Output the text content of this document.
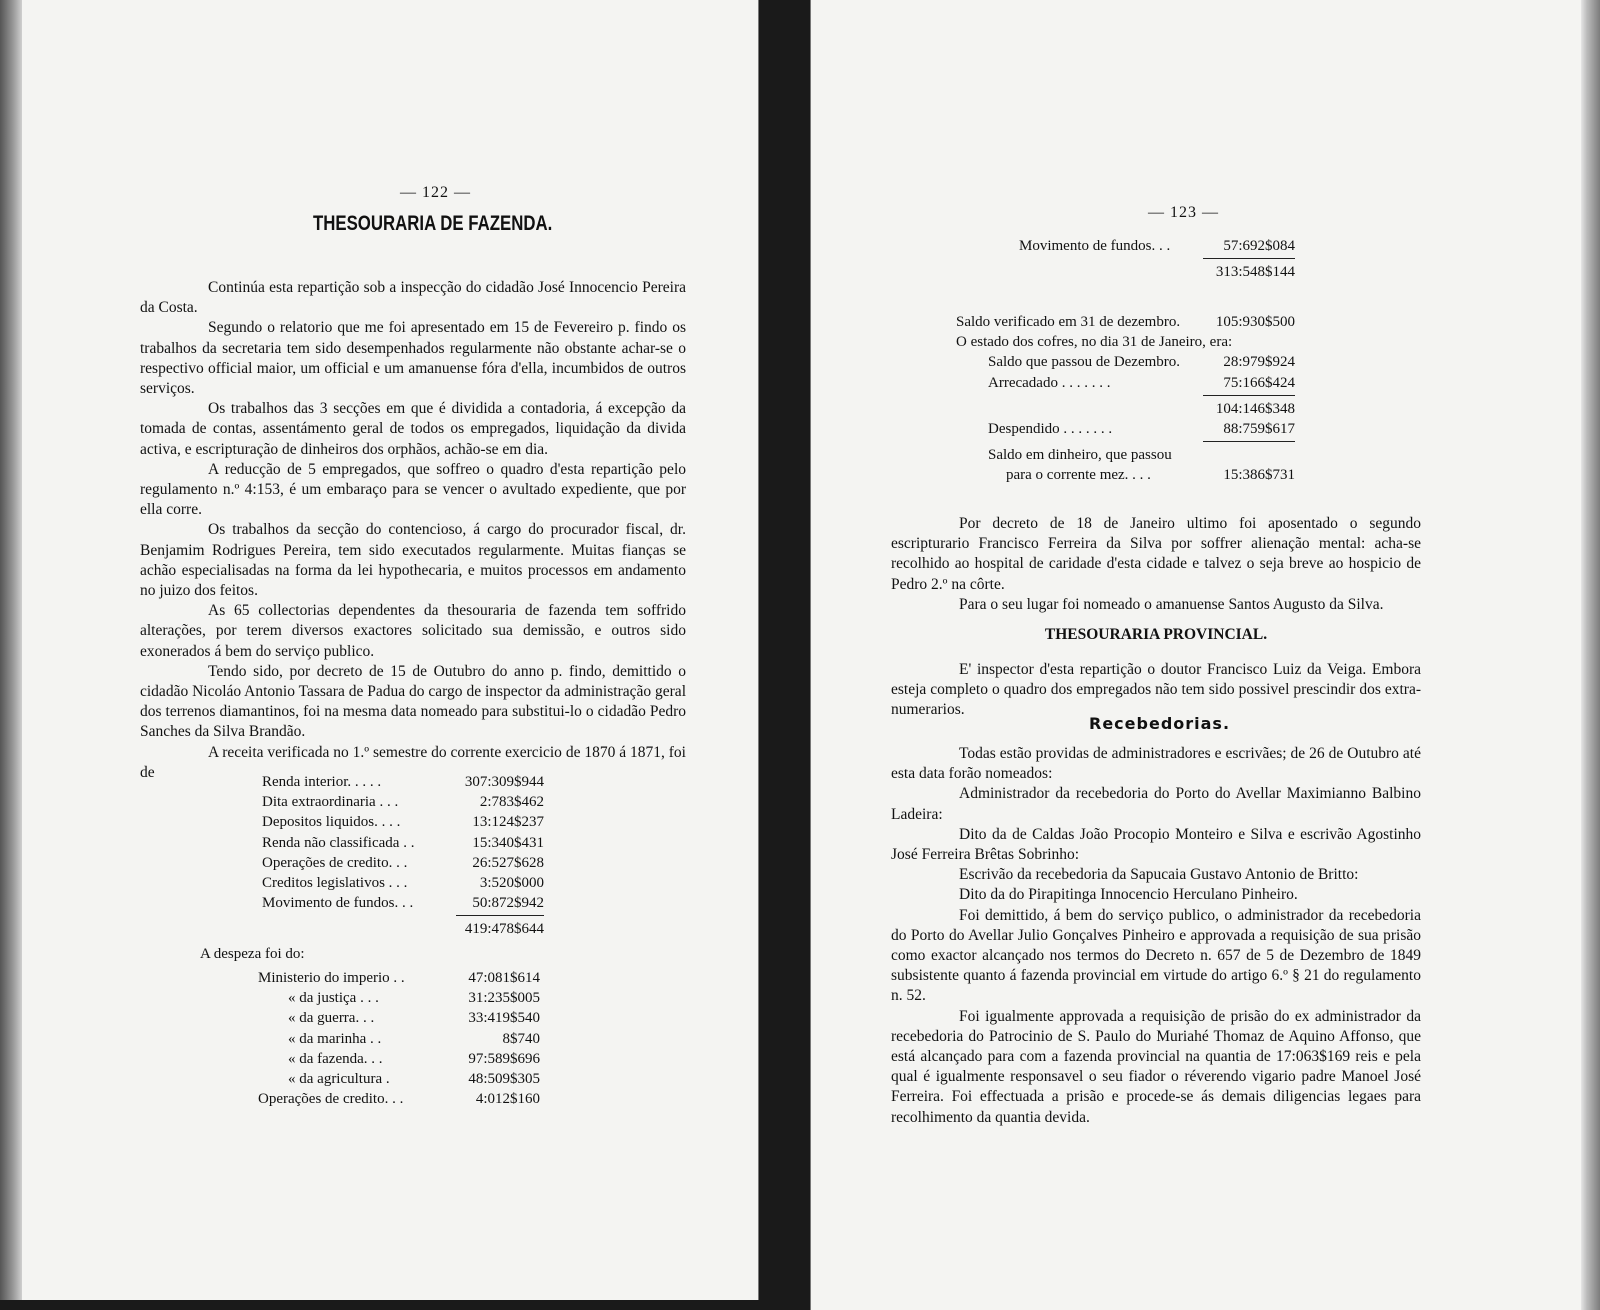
— 122 —
THESOURARIA DE FAZENDA.

Continúa esta repartição sob a inspecção do cidadão José Innocencio Pereira da Costa.

Segundo o relatorio que me foi apresentado em 15 de Fevereiro p. findo os trabalhos da secretaria tem sido desempenhados regularmente não obstante achar-se o respectivo official maior, um official e um amanuense fóra d'ella, incumbidos de outros serviços.

Os trabalhos das 3 secções em que é dividida a contadoria, á excepção da tomada de contas, assentámento geral de todos os empregados, liquidação da divida activa, e escripturação de dinheiros dos orphãos, achão-se em dia.

A reducção de 5 empregados, que soffreo o quadro d'esta repartição pelo regulamento n.º 4:153, é um embaraço para se vencer o avultado expediente, que por ella corre.

Os trabalhos da secção do contencioso, á cargo do procurador fiscal, dr. Benjamim Rodrigues Pereira, tem sido executados regularmente. Muitas fianças se achão especialisadas na forma da lei hypothecaria, e muitos processos em andamento no juizo dos feitos.

As 65 collectorias dependentes da thesouraria de fazenda tem soffrido alterações, por terem diversos exactores solicitado sua demissão, e outros sido exonerados á bem do serviço publico.

Tendo sido, por decreto de 15 de Outubro do anno p. findo, demittido o cidadão Nicoláo Antonio Tassara de Padua do cargo de inspector da administração geral dos terrenos diamantinos, foi na mesma data nomeado para substitui-lo o cidadão Pedro Sanches da Silva Brandão.

A receita verificada no 1.º semestre do corrente exercicio de 1870 á 1871, foi de

Renda interior. . . . .	307:309$944
Dita extraordinaria . . .	2:783$462
Depositos liquidos. . . .	13:124$237
Renda não classificada . .	15:340$431
Operações de credito. . .	26:527$628
Creditos legislativos . . .	3:520$000
Movimento de fundos. . .	50:872$942
419:478$644
A despeza foi do:
Ministerio do imperio . .	47:081$614
« da justiça . . .	31:235$005
« da guerra. . .	33:419$540
« da marinha . .	8$740
« da fazenda. . .	97:589$696
« da agricultura .	48:509$305
Operações de credito. . .	4:012$160
— 123 —
Movimento de fundos. . .	57:692$084
313:548$144
Saldo verificado em 31 de dezembro. 105:930$500
O estado dos cofres, no dia 31 de Janeiro, era:
Saldo que passou de Dezembro.	28:979$924
Arrecadado . . . . . . .	75:166$424
104:146$348
Despendido . . . . . . .	88:759$617
Saldo em dinheiro, que passou
para o corrente mez. . . .	15:386$731

Por decreto de 18 de Janeiro ultimo foi aposentado o segundo escripturario Francisco Ferreira da Silva por soffrer alienação mental: acha-se recolhido ao hospital de caridade d'esta cidade e talvez o seja breve ao hospicio de Pedro 2.º na côrte.

Para o seu lugar foi nomeado o amanuense Santos Augusto da Silva.

THESOURARIA PROVINCIAL.

E' inspector d'esta repartição o doutor Francisco Luiz da Veiga. Embora esteja completo o quadro dos empregados não tem sido possivel prescindir dos extra-numerarios.

Recebedorias.

Todas estão providas de administradores e escrivães; de 26 de Outubro até esta data forão nomeados:

Administrador da recebedoria do Porto do Avellar Maximianno Balbino Ladeira:

Dito da de Caldas João Procopio Monteiro e Silva e escrivão Agostinho José Ferreira Brêtas Sobrinho:

Escrivão da recebedoria da Sapucaia Gustavo Antonio de Britto:

Dito da do Pirapitinga Innocencio Herculano Pinheiro.

Foi demittido, á bem do serviço publico, o administrador da recebedoria do Porto do Avellar Julio Gonçalves Pinheiro e approvada a requisição de sua prisão como exactor alcançado nos termos do Decreto n. 657 de 5 de Dezembro de 1849 subsistente quanto á fazenda provincial em virtude do artigo 6.º § 21 do regulamento n. 52.

Foi igualmente approvada a requisição de prisão do ex administrador da recebedoria do Patrocinio de S. Paulo do Muriahé Thomaz de Aquino Affonso, que está alcançado para com a fazenda provincial na quantia de 17:063$169 reis e pela qual é igualmente responsavel o seu fiador o réverendo vigario padre Manoel José Ferreira. Foi effectuada a prisão e procede-se ás demais diligencias legaes para recolhimento da quantia devida.
